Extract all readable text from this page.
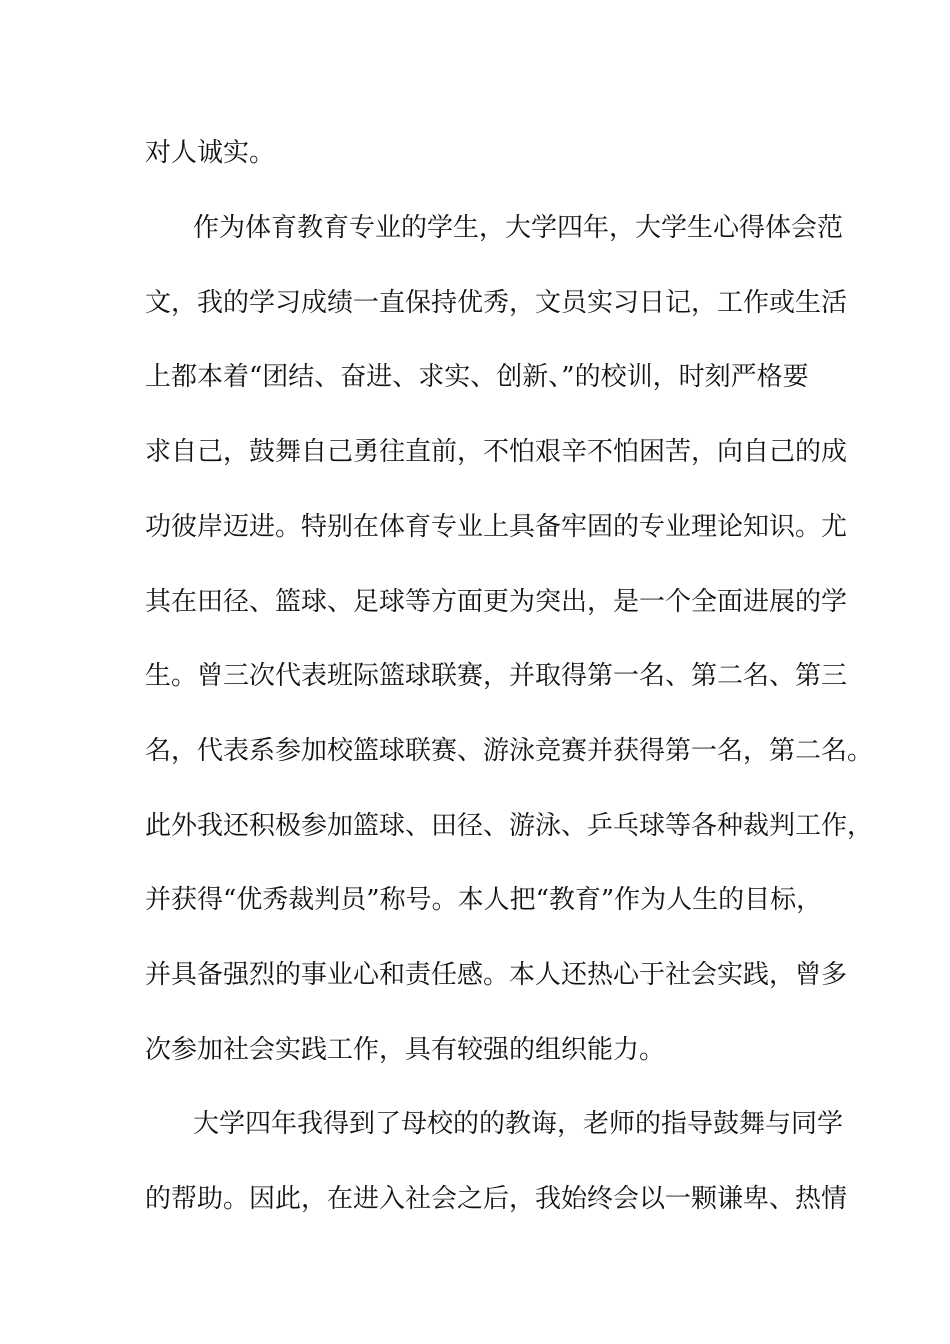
对人诚实。
作为体育教育专业的学生，大学四年，大学生心得体会范
文，我的学习成绩一直保持优秀，文员实习日记，工作或生活
上都本着“团结、奋进、求实、创新、”的校训，时刻严格要
求自己，鼓舞自己勇往直前，不怕艰辛不怕困苦，向自己的成
功彼岸迈进。特别在体育专业上具备牢固的专业理论知识。尤
其在田径、篮球、足球等方面更为突出，是一个全面进展的学
生。曾三次代表班际篮球联赛，并取得第一名、第二名、第三
名，代表系参加校篮球联赛、游泳竞赛并获得第一名，第二名。
此外我还积极参加篮球、田径、游泳、乒乓球等各种裁判工作，
并获得“优秀裁判员”称号。本人把“教育”作为人生的目标，
并具备强烈的事业心和责任感。本人还热心于社会实践，曾多
次参加社会实践工作，具有较强的组织能力。
大学四年我得到了母校的的教诲，老师的指导鼓舞与同学
的帮助。因此，在进入社会之后，我始终会以一颗谦卑、热情
